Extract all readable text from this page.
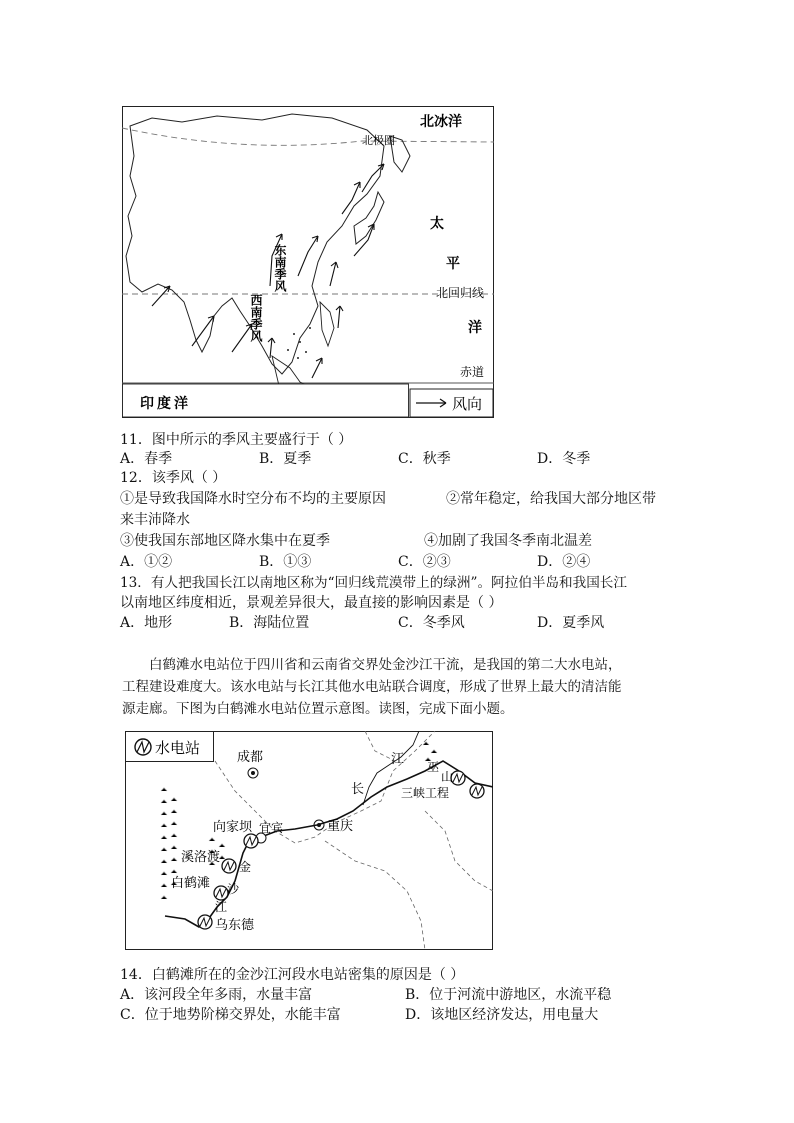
风向
北冰洋
北极圈
太
平
北回归线
洋
赤道
印度洋
东南季风
西南季风
11．图中所示的季风主要盛行于（ ）
A．春季	B．夏季	C．秋季	D．冬季
12．该季风（ ）
①是导致我国降水时空分布不均的主要原因	②常年稳定，给我国大部分地区带
来丰沛降水
③使我国东部地区降水集中在夏季	④加剧了我国冬季南北温差
A．①②	B．①③	C．②③	D．②④
13．有人把我国长江以南地区称为“回归线荒漠带上的绿洲”。阿拉伯半岛和我国长江
以南地区纬度相近，景观差异很大，最直接的影响因素是（ ）
A．地形	B．海陆位置	C．冬季风	D．夏季风
白鹤滩水电站位于四川省和云南省交界处金沙江干流，是我国的第二大水电站，
工程建设难度大。该水电站与长江其他水电站联合调度，形成了世界上最大的清洁能
源走廊。下图为白鹤滩水电站位置示意图。读图，完成下面小题。
水电站
成都
重庆
宜宾
向家坝
溪洛渡
金
白鹤滩 沙
江
乌东德
长
江 巫
山
三峡工程
14．白鹤滩所在的金沙江河段水电站密集的原因是（ ）
A．该河段全年多雨，水量丰富	B．位于河流中游地区，水流平稳
C．位于地势阶梯交界处，水能丰富	D．该地区经济发达，用电量大
